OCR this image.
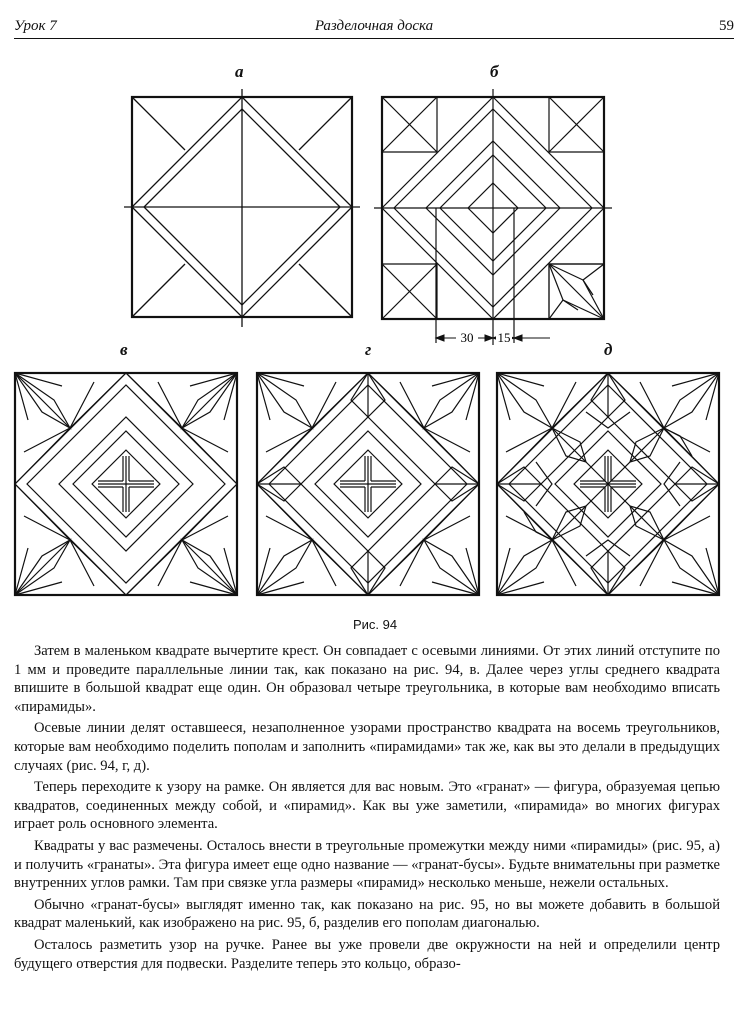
Урок 7	Разделочная доска	59
а	б
в	г	д
30 15
Рис. 94

Затем в маленьком квадрате вычертите крест. Он совпадает с осевыми линиями. От этих линий отступите по 1 мм и проведите параллельные линии так, как показано на рис. 94, в. Далее через углы среднего квадрата впишите в большой квадрат еще один. Он образовал четыре треугольника, в которые вам необходимо вписать «пирамиды».

Осевые линии делят оставшееся, незаполненное узорами пространство квадрата на восемь треугольников, которые вам необходимо поделить пополам и заполнить «пирамидами» так же, как вы это делали в предыдущих случаях (рис. 94, г, д).

Теперь переходите к узору на рамке. Он является для вас новым. Это «гранат» — фигура, образуемая цепью квадратов, соединенных между собой, и «пирамид». Как вы уже заметили, «пирамида» во многих фигурах играет роль основного элемента.

Квадраты у вас размечены. Осталось внести в треугольные промежутки между ними «пирамиды» (рис. 95, а) и получить «гранаты». Эта фигура имеет еще одно название — «гранат-бусы». Будьте внимательны при разметке внутренних углов рамки. Там при связке угла размеры «пирамид» несколько меньше, нежели остальных.

Обычно «гранат-бусы» выглядят именно так, как показано на рис. 95, но вы можете добавить в большой квадрат маленький, как изображено на рис. 95, б, разделив его пополам диагональю.

Осталось разметить узор на ручке. Ранее вы уже провели две окружности на ней и определили центр будущего отверстия для подвески. Разделите теперь это кольцо, образо-
